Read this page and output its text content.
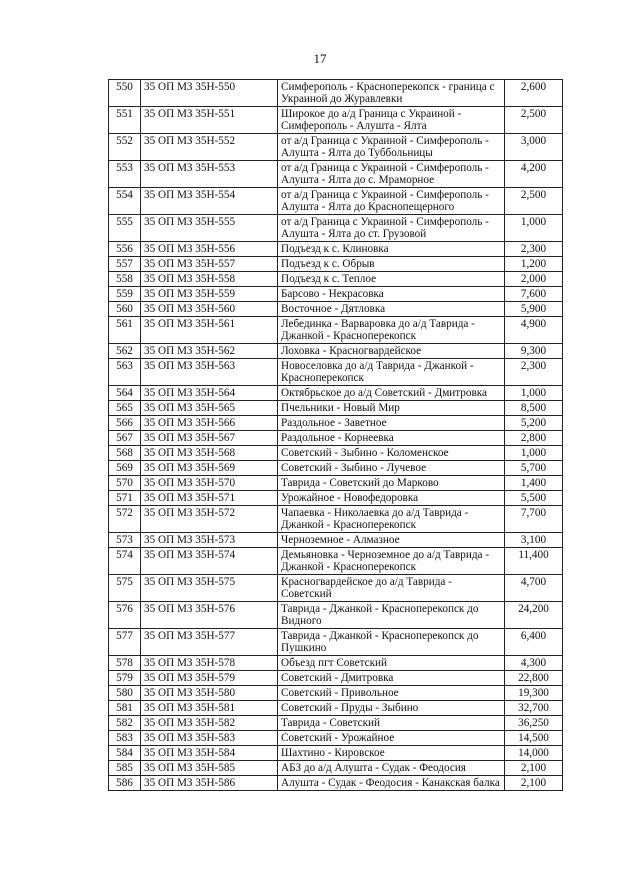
17
550	35 ОП МЗ 35Н-550	Симферополь - Красноперекопск - граница с Украиной до Журавлевки	2,600
551	35 ОП МЗ 35Н-551	Широкое до а/д Граница с Украиной - Симферополь - Алушта - Ялта	2,500
552	35 ОП МЗ 35Н-552	от а/д Граница с Украиной - Симферополь - Алушта - Ялта до Туббольницы	3,000
553	35 ОП МЗ 35Н-553	от а/д Граница с Украиной - Симферополь - Алушта - Ялта до с. Мраморное	4,200
554	35 ОП МЗ 35Н-554	от а/д Граница с Украиной - Симферополь - Алушта - Ялта до Краснопещерного	2,500
555	35 ОП МЗ 35Н-555	от а/д Граница с Украиной - Симферополь - Алушта - Ялта до ст. Грузовой	1,000
556	35 ОП МЗ 35Н-556	Подъезд к с. Клиновка	2,300
557	35 ОП МЗ 35Н-557	Подъезд к с. Обрыв	1,200
558	35 ОП МЗ 35Н-558	Подъезд к с. Теплое	2,000
559	35 ОП МЗ 35Н-559	Барсово - Некрасовка	7,600
560	35 ОП МЗ 35Н-560	Восточное - Дятловка	5,900
561	35 ОП МЗ 35Н-561	Лебединка - Варваровка до а/д Таврида - Джанкой - Красноперекопск	4,900
562	35 ОП МЗ 35Н-562	Лоховка - Красногвардейское	9,300
563	35 ОП МЗ 35Н-563	Новоселовка до а/д Таврида - Джанкой - Красноперекопск	2,300
564	35 ОП МЗ 35Н-564	Октябрьское до а/д Советский - Дмитровка	1,000
565	35 ОП МЗ 35Н-565	Пчельники - Новый Мир	8,500
566	35 ОП МЗ 35Н-566	Раздольное - Заветное	5,200
567	35 ОП МЗ 35Н-567	Раздольное - Корнеевка	2,800
568	35 ОП МЗ 35Н-568	Советский - Зыбино - Коломенское	1,000
569	35 ОП МЗ 35Н-569	Советский - Зыбино - Лучевое	5,700
570	35 ОП МЗ 35Н-570	Таврида - Советский до Марково	1,400
571	35 ОП МЗ 35Н-571	Урожайное - Новофедоровка	5,500
572	35 ОП МЗ 35Н-572	Чапаевка - Николаевка до а/д Таврида - Джанкой - Красноперекопск	7,700
573	35 ОП МЗ 35Н-573	Черноземное - Алмазное	3,100
574	35 ОП МЗ 35Н-574	Демьяновка - Черноземное до а/д Таврида - Джанкой - Красноперекопск	11,400
575	35 ОП МЗ 35Н-575	Красногвардейское до а/д Таврида - Советский	4,700
576	35 ОП МЗ 35Н-576	Таврида - Джанкой - Красноперекопск до Видного	24,200
577	35 ОП МЗ 35Н-577	Таврида - Джанкой - Красноперекопск до Пушкино	6,400
578	35 ОП МЗ 35Н-578	Объезд пгт Советский	4,300
579	35 ОП МЗ 35Н-579	Советский - Дмитровка	22,800
580	35 ОП МЗ 35Н-580	Советский - Привольное	19,300
581	35 ОП МЗ 35Н-581	Советский - Пруды - Зыбино	32,700
582	35 ОП МЗ 35Н-582	Таврида - Советский	36,250
583	35 ОП МЗ 35Н-583	Советский - Урожайное	14,500
584	35 ОП МЗ 35Н-584	Шахтино - Кировское	14,000
585	35 ОП МЗ 35Н-585	АБЗ до а/д Алушта - Судак - Феодосия	2,100
586	35 ОП МЗ 35Н-586	Алушта - Судак - Феодосия - Канакская балка	2,100
